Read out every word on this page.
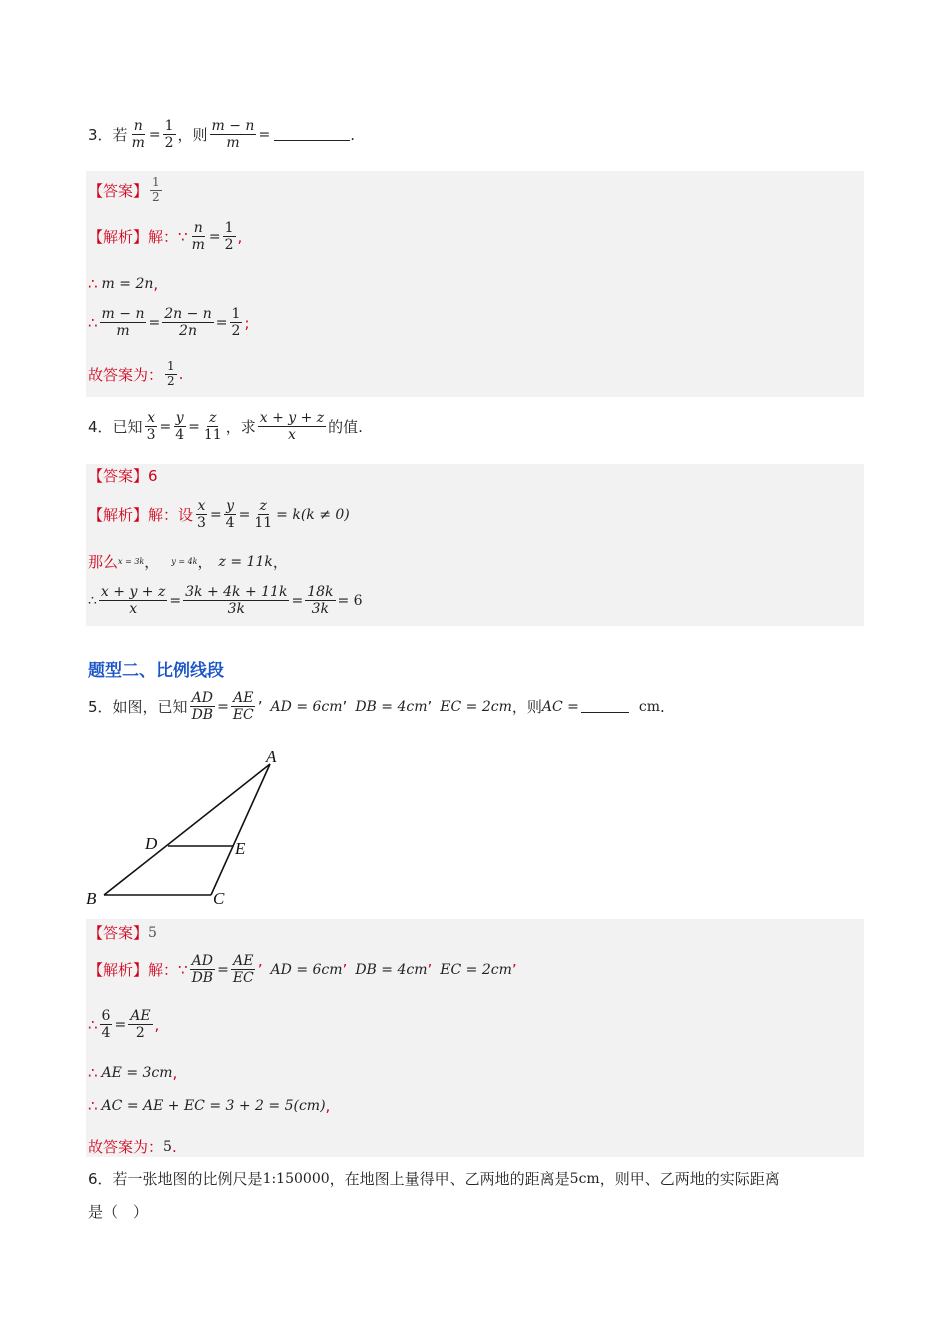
3． 若 $\frac{n}{m} = \frac{1}{2}$ ，则 $\frac{m - n}{m}$ =	.
【答案】 $\frac{1}{2}$
【解析】解： ∵ $\frac{n}{m} = \frac{1}{2}$ ,
∴ m = 2n ,
∴ $\frac{m - n}{m} = \frac{2n - n}{2n} = \frac{1}{2}$ ;
故答案为： $\frac{1}{2}$ .
4． 已知 $\frac{x}{3} = \frac{y}{4} = \frac{z}{11}$ ，求 $\frac{x + y + z}{x}$ 的值.
【答案】 6
【解析】解：设 $\frac{x}{3} = \frac{y}{4} = \frac{z}{11} = k(k \ne 0)$
那么 x = 3k ， y = 4k ， z = 11k ，
∴ $\frac{x + y + z}{x} = \frac{3k + 4k + 11k}{3k} = \frac{18k}{3k} = 6$
题型二、比例线段
5． 如图，已知 $\frac{AD}{DB} = \frac{AE}{EC}$ ’ AD = 6cm ’ DB = 4cm ’ EC = 2cm ，则 AC =	cm .
A
B	C
D	E
【答案】 5
【解析】解： ∵ $\frac{AD}{DB} = \frac{AE}{EC}$ ’ AD = 6cm ’ DB = 4cm ’ EC = 2cm ’
∴ $\frac{6}{4} = \frac{AE}{2}$ ,
∴ AE = 3cm ,
∴ AC = AE + EC = 3 + 2 = 5(cm) ,
故答案为： 5 .
6． 若一张地图的比例尺是 1:150000 ，在地图上量得甲、乙两地的距离是 5cm ，则甲、乙两地的实际距离
是（　）
